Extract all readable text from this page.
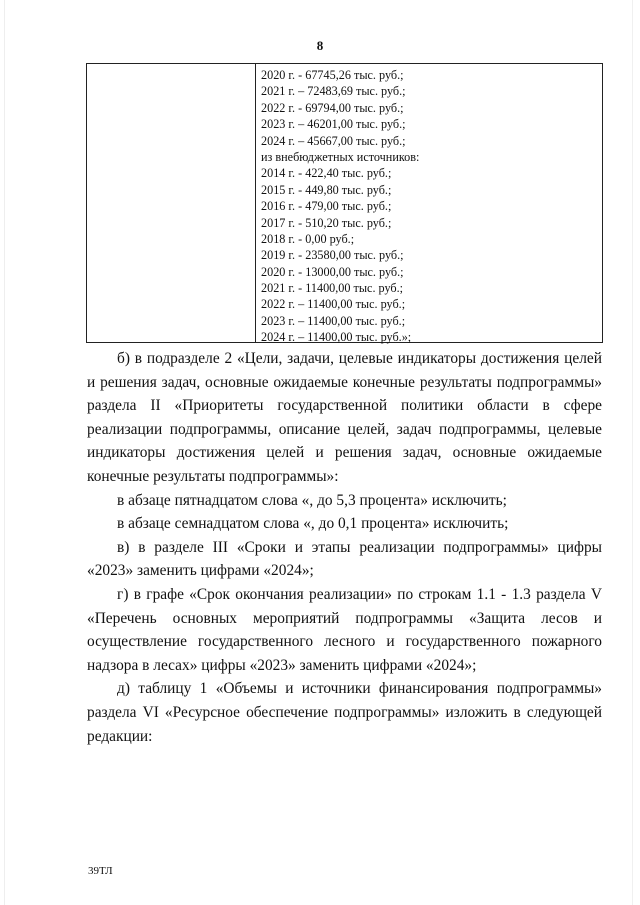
8
2020 г. - 67745,26 тыс. руб.;
2021 г. – 72483,69 тыс. руб.;
2022 г. - 69794,00 тыс. руб.;
2023 г. – 46201,00 тыс. руб.;
2024 г. – 45667,00 тыс. руб.;
из внебюджетных источников:
2014 г. - 422,40 тыс. руб.;
2015 г. - 449,80 тыс. руб.;
2016 г. - 479,00 тыс. руб.;
2017 г. - 510,20 тыс. руб.;
2018 г. - 0,00 руб.;
2019 г. - 23580,00 тыс. руб.;
2020 г. - 13000,00 тыс. руб.;
2021 г. - 11400,00 тыс. руб.;
2022 г. – 11400,00 тыс. руб.;
2023 г. – 11400,00 тыс. руб.;
2024 г. – 11400,00 тыс. руб.»;

б) в подразделе 2 «Цели, задачи, целевые индикаторы достижения целей и решения задач, основные ожидаемые конечные результаты подпрограммы» раздела II «Приоритеты государственной политики области в сфере реализации подпрограммы, описание целей, задач подпрограммы, целевые индикаторы достижения целей и решения задач, основные ожидаемые конечные результаты подпрограммы»:

в абзаце пятнадцатом слова «, до 5,3 процента» исключить;

в абзаце семнадцатом слова «, до 0,1 процента» исключить;

в) в разделе III «Сроки и этапы реализации подпрограммы» цифры «2023» заменить цифрами «2024»;

г) в графе «Срок окончания реализации» по строкам 1.1 - 1.3 раздела V «Перечень основных мероприятий подпрограммы «Защита лесов и осуществление государственного лесного и государственного пожарного надзора в лесах» цифры «2023» заменить цифрами «2024»;

д) таблицу 1 «Объемы и источники финансирования подпрограммы» раздела VI «Ресурсное обеспечение подпрограммы» изложить в следующей редакции:

39ТЛ
